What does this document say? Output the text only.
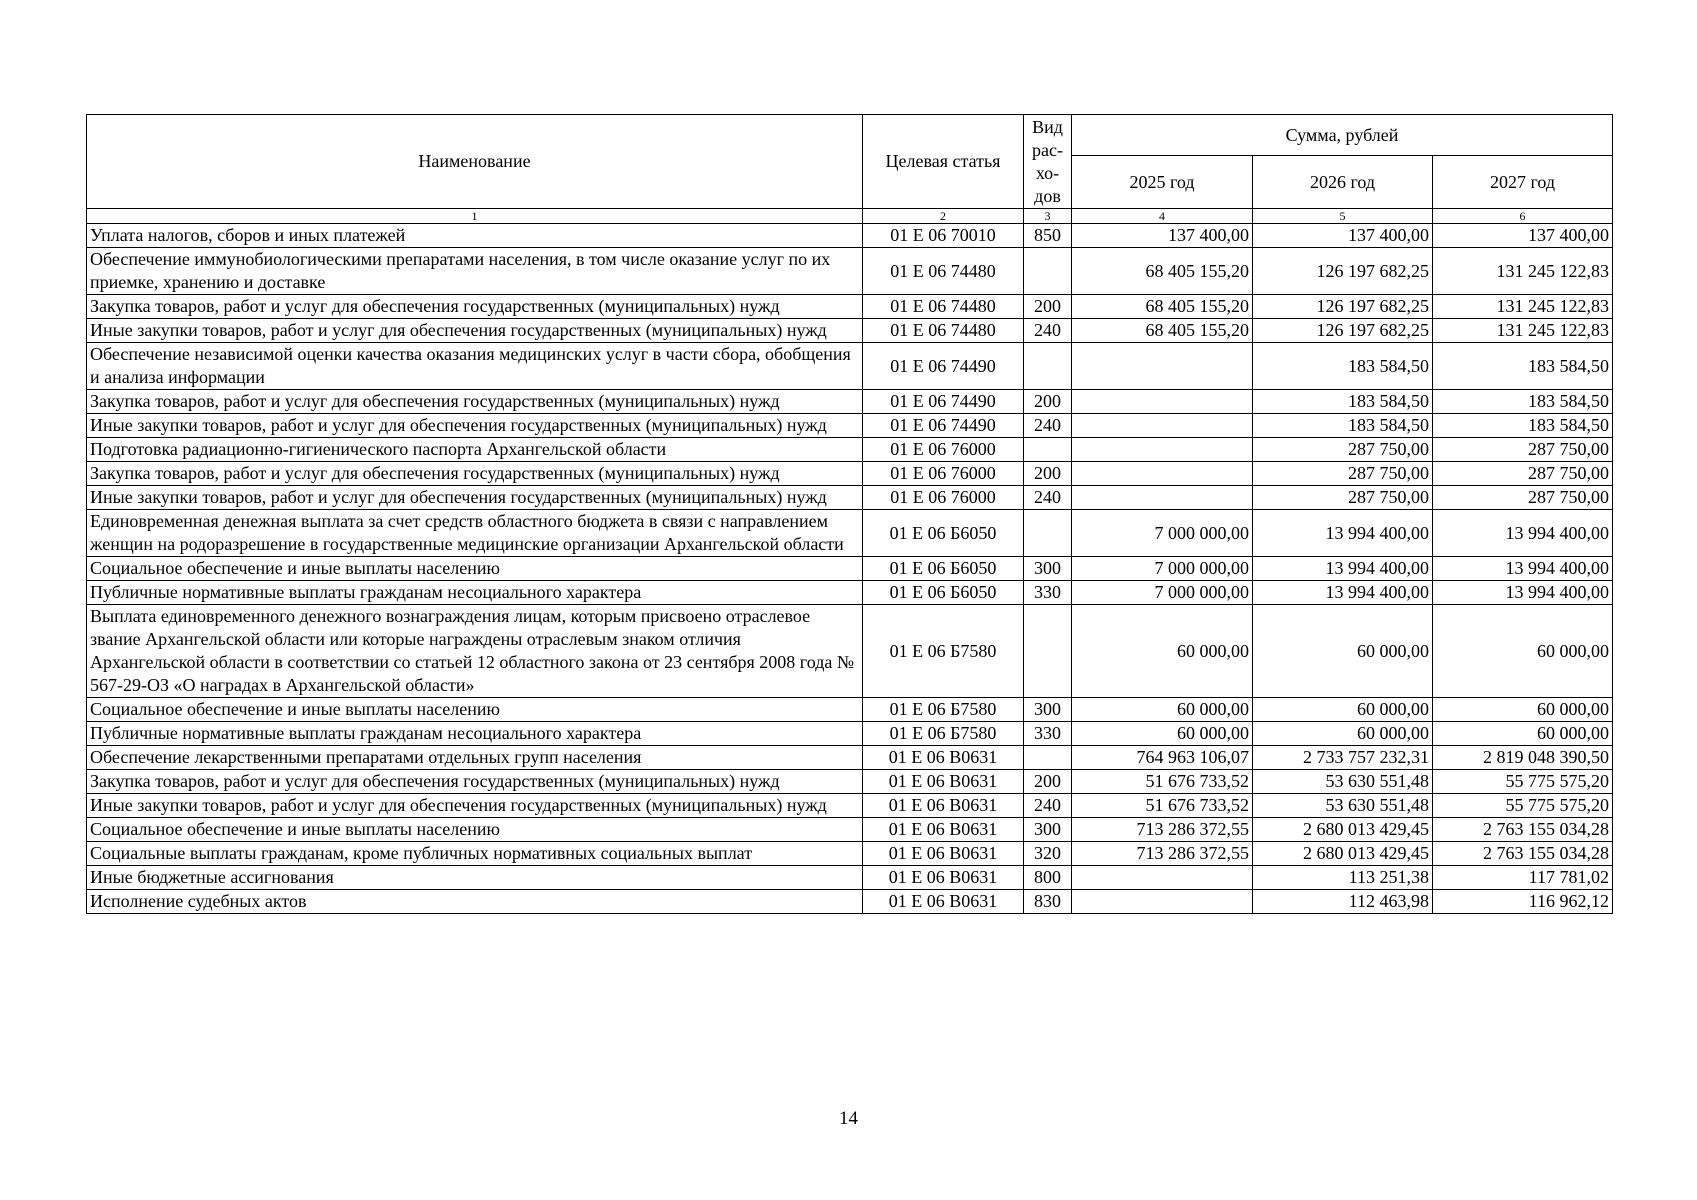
Наименование	Целевая статья	Вид рас-хо-дов	Сумма, рублей		
			2025 год	2026 год	2027 год
1	2	3	4	5	6
Уплата налогов, сборов и иных платежей	01 Е 06 70010	850	137 400,00	137 400,00	137 400,00
Обеспечение иммунобиологическими препаратами населения, в том числе оказание услуг по их приемке, хранению и доставке	01 Е 06 74480		68 405 155,20	126 197 682,25	131 245 122,83
Закупка товаров, работ и услуг для обеспечения государственных (муниципальных) нужд	01 Е 06 74480	200	68 405 155,20	126 197 682,25	131 245 122,83
Иные закупки товаров, работ и услуг для обеспечения государственных (муниципальных) нужд	01 Е 06 74480	240	68 405 155,20	126 197 682,25	131 245 122,83
Обеспечение независимой оценки качества оказания медицинских услуг в части сбора, обобщения и анализа информации	01 Е 06 74490			183 584,50	183 584,50
Закупка товаров, работ и услуг для обеспечения государственных (муниципальных) нужд	01 Е 06 74490	200		183 584,50	183 584,50
Иные закупки товаров, работ и услуг для обеспечения государственных (муниципальных) нужд	01 Е 06 74490	240		183 584,50	183 584,50
Подготовка радиационно-гигиенического паспорта Архангельской области	01 Е 06 76000			287 750,00	287 750,00
Закупка товаров, работ и услуг для обеспечения государственных (муниципальных) нужд	01 Е 06 76000	200		287 750,00	287 750,00
Иные закупки товаров, работ и услуг для обеспечения государственных (муниципальных) нужд	01 Е 06 76000	240		287 750,00	287 750,00
Единовременная денежная выплата за счет средств областного бюджета в связи с направлением женщин на родоразрешение в государственные медицинские организации Архангельской области	01 Е 06 Б6050		7 000 000,00	13 994 400,00	13 994 400,00
Социальное обеспечение и иные выплаты населению	01 Е 06 Б6050	300	7 000 000,00	13 994 400,00	13 994 400,00
Публичные нормативные выплаты гражданам несоциального характера	01 Е 06 Б6050	330	7 000 000,00	13 994 400,00	13 994 400,00
Выплата единовременного денежного вознаграждения лицам, которым присвоено отраслевое звание Архангельской области или которые награждены отраслевым знаком отличия Архангельской области в соответствии со статьей 12 областного закона от 23 сентября 2008 года № 567-29-ОЗ «О наградах в Архангельской области»	01 Е 06 Б7580		60 000,00	60 000,00	60 000,00
Социальное обеспечение и иные выплаты населению	01 Е 06 Б7580	300	60 000,00	60 000,00	60 000,00
Публичные нормативные выплаты гражданам несоциального характера	01 Е 06 Б7580	330	60 000,00	60 000,00	60 000,00
Обеспечение лекарственными препаратами отдельных групп населения	01 Е 06 В0631		764 963 106,07	2 733 757 232,31	2 819 048 390,50
Закупка товаров, работ и услуг для обеспечения государственных (муниципальных) нужд	01 Е 06 В0631	200	51 676 733,52	53 630 551,48	55 775 575,20
Иные закупки товаров, работ и услуг для обеспечения государственных (муниципальных) нужд	01 Е 06 В0631	240	51 676 733,52	53 630 551,48	55 775 575,20
Социальное обеспечение и иные выплаты населению	01 Е 06 В0631	300	713 286 372,55	2 680 013 429,45	2 763 155 034,28
Социальные выплаты гражданам, кроме публичных нормативных социальных выплат	01 Е 06 В0631	320	713 286 372,55	2 680 013 429,45	2 763 155 034,28
Иные бюджетные ассигнования	01 Е 06 В0631	800		113 251,38	117 781,02
Исполнение судебных актов	01 Е 06 В0631	830		112 463,98	116 962,12
14
